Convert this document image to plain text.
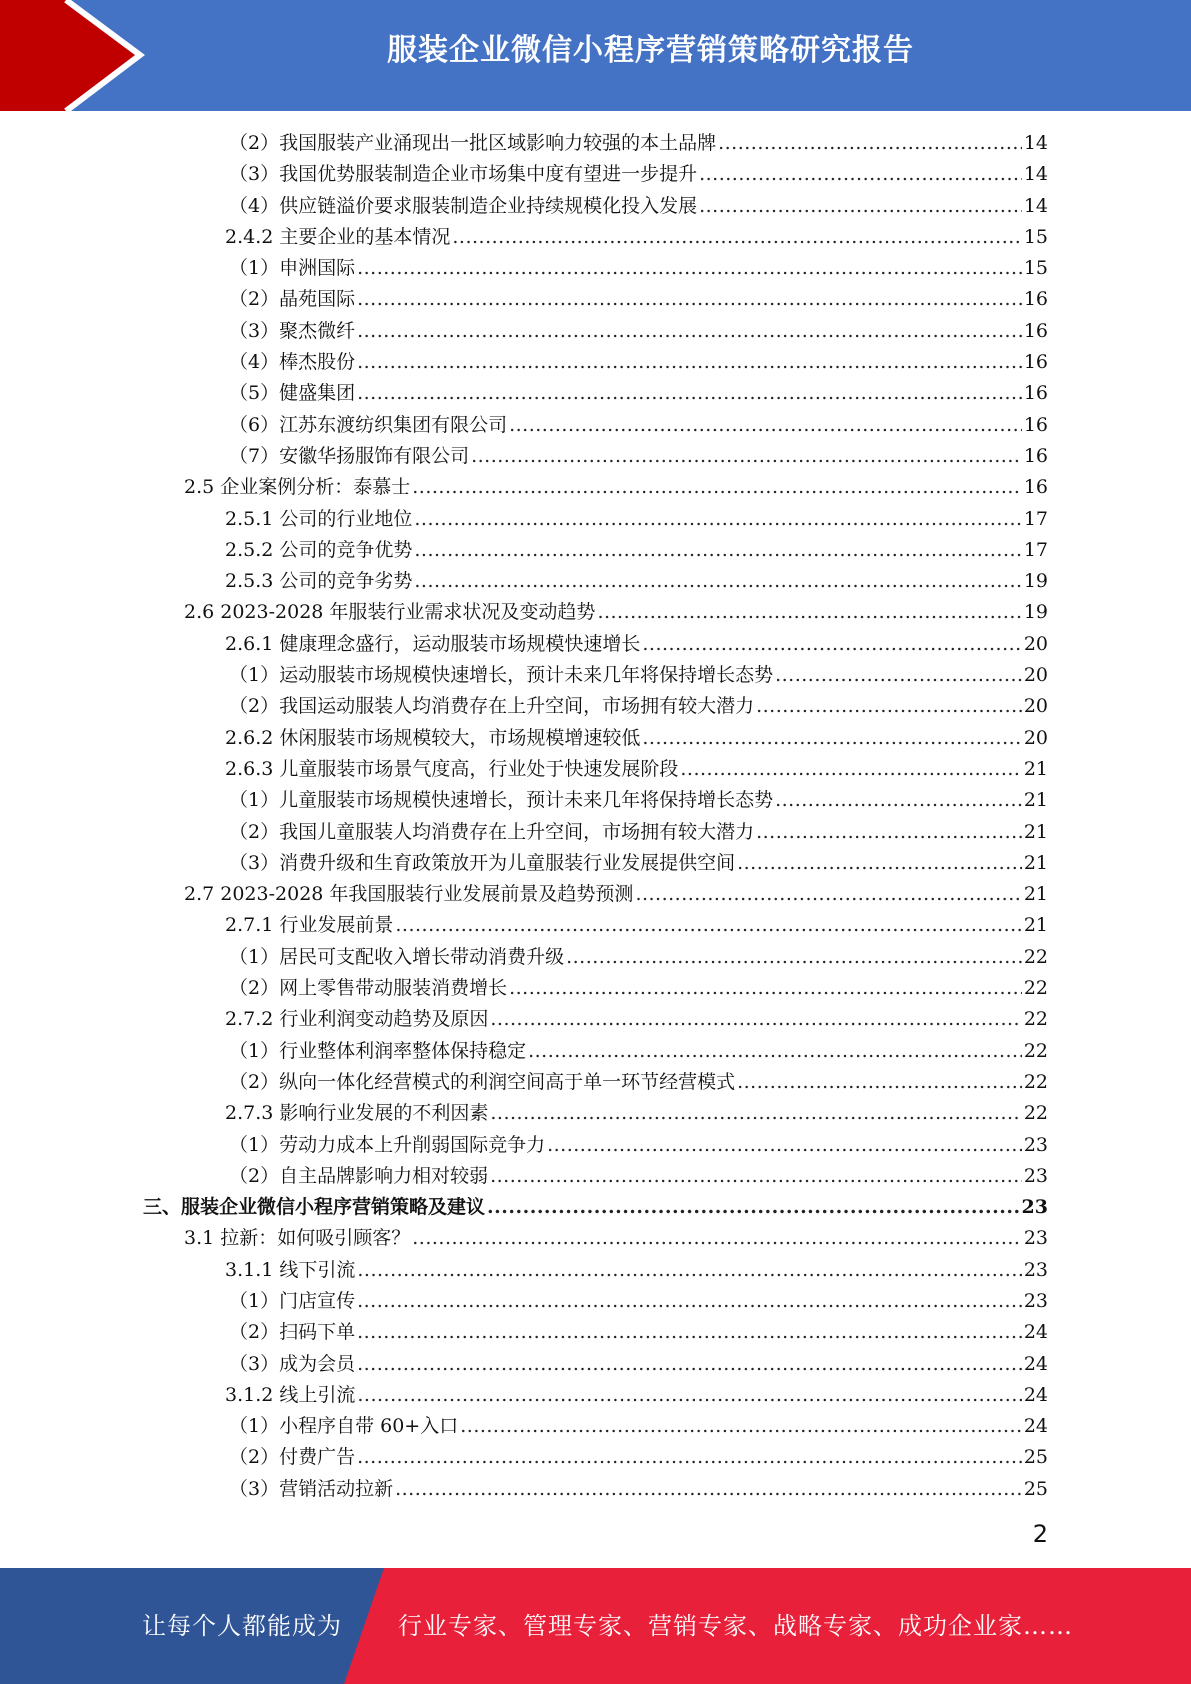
服装企业微信小程序营销策略研究报告
（2）我国服装产业涌现出一批区域影响力较强的本土品牌 .....	14
（3）我国优势服装制造企业市场集中度有望进一步提升 .....	14
（4）供应链溢价要求服装制造企业持续规模化投入发展 .....	14
2.4.2 主要企业的基本情况 .....	15
（1）申洲国际 .....	15
（2）晶苑国际 .....	16
（3）聚杰微纤 .....	16
（4）棒杰股份 .....	16
（5）健盛集团 .....	16
（6）江苏东渡纺织集团有限公司 .....	16
（7）安徽华扬服饰有限公司 .....	16
2.5 企业案例分析：泰慕士 .....	16
2.5.1 公司的行业地位 .....	17
2.5.2 公司的竞争优势 .....	17
2.5.3 公司的竞争劣势 .....	19
2.6 2023-2028 年服装行业需求状况及变动趋势 .....	19
2.6.1 健康理念盛行，运动服装市场规模快速增长 .....	20
（1）运动服装市场规模快速增长，预计未来几年将保持增长态势 .....	20
（2）我国运动服装人均消费存在上升空间，市场拥有较大潜力 .....	20
2.6.2 休闲服装市场规模较大，市场规模增速较低 .....	20
2.6.3 儿童服装市场景气度高，行业处于快速发展阶段 .....	21
（1）儿童服装市场规模快速增长，预计未来几年将保持增长态势 .....	21
（2）我国儿童服装人均消费存在上升空间，市场拥有较大潜力 .....	21
（3）消费升级和生育政策放开为儿童服装行业发展提供空间 .....	21
2.7 2023-2028 年我国服装行业发展前景及趋势预测 .....	21
2.7.1 行业发展前景 .....	21
（1）居民可支配收入增长带动消费升级 .....	22
（2）网上零售带动服装消费增长 .....	22
2.7.2 行业利润变动趋势及原因 .....	22
（1）行业整体利润率整体保持稳定 .....	22
（2）纵向一体化经营模式的利润空间高于单一环节经营模式 .....	22
2.7.3 影响行业发展的不利因素 .....	22
（1）劳动力成本上升削弱国际竞争力 .....	23
（2）自主品牌影响力相对较弱 .....	23
三、服装企业微信小程序营销策略及建议 .....	23
3.1 拉新：如何吸引顾客？ .....	23
3.1.1 线下引流 .....	23
（1）门店宣传 .....	23
（2）扫码下单 .....	24
（3）成为会员 .....	24
3.1.2 线上引流 .....	24
（1）小程序自带 60+入口 .....	24
（2）付费广告 .....	25
（3）营销活动拉新 .....	25
2
让每个人都能成为 行业专家、管理专家、营销专家、战略专家、成功企业家……
